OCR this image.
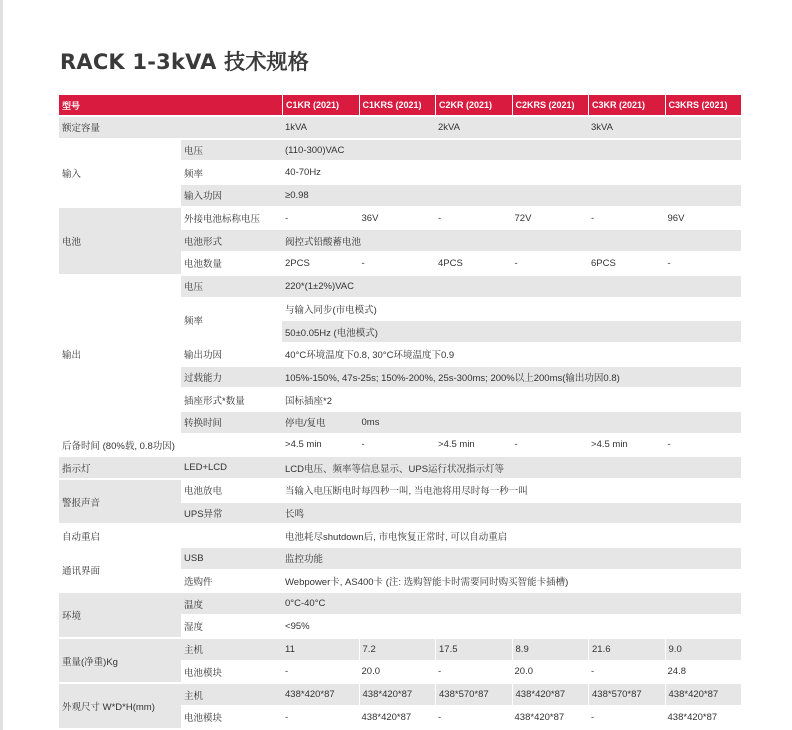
RACK 1-3kVA 技术规格
型号		C1KR (2021)	C1KRS (2021)	C2KR (2021)	C2KRS (2021)	C3KR (2021)	C3KRS (2021)
额定容量		1kVA		2kVA		3kVA	
输入	电压	(110-300)VAC					
	频率	40-70Hz					
	输入功因	≥0.98					
电池	外接电池标称电压	-	36V	-	72V	-	96V
	电池形式	阀控式铅酸蓄电池					
	电池数量	2PCS	-	4PCS	-	6PCS	-
输出	电压	220*(1±2%)VAC					
	频率	与输入同步(市电模式)					
		50±0.05Hz (电池模式)					
	输出功因	40°C环境温度下0.8, 30°C环境温度下0.9					
	过载能力	105%-150%, 47s-25s; 150%-200%, 25s-300ms; 200%以上200ms(输出功因0.8)					
	插座形式*数量	国标插座*2					
	转换时间	停电/复电	0ms				
后备时间 (80%载, 0.8功因)		>4.5 min	-	>4.5 min	-	>4.5 min	-
指示灯	LED+LCD	LCD电压、频率等信息显示、UPS运行状况指示灯等					
警报声音	电池放电	当输入电压断电时每四秒一叫, 当电池将用尽时每一秒一叫					
	UPS异常	长鸣					
自动重启		电池耗尽shutdown后, 市电恢复正常时, 可以自动重启					
通讯界面	USB	监控功能					
	选购件	Webpower卡, AS400卡 (注: 选购智能卡时需要同时购买智能卡插槽)					
环境	温度	0°C-40°C					
	湿度	<95%					
重量(净重)Kg	主机	11	7.2	17.5	8.9	21.6	9.0
	电池模块	-	20.0	-	20.0	-	24.8
外观尺寸 W*D*H(mm)	主机	438*420*87	438*420*87	438*570*87	438*420*87	438*570*87	438*420*87
	电池模块	-	438*420*87	-	438*420*87	-	438*420*87
